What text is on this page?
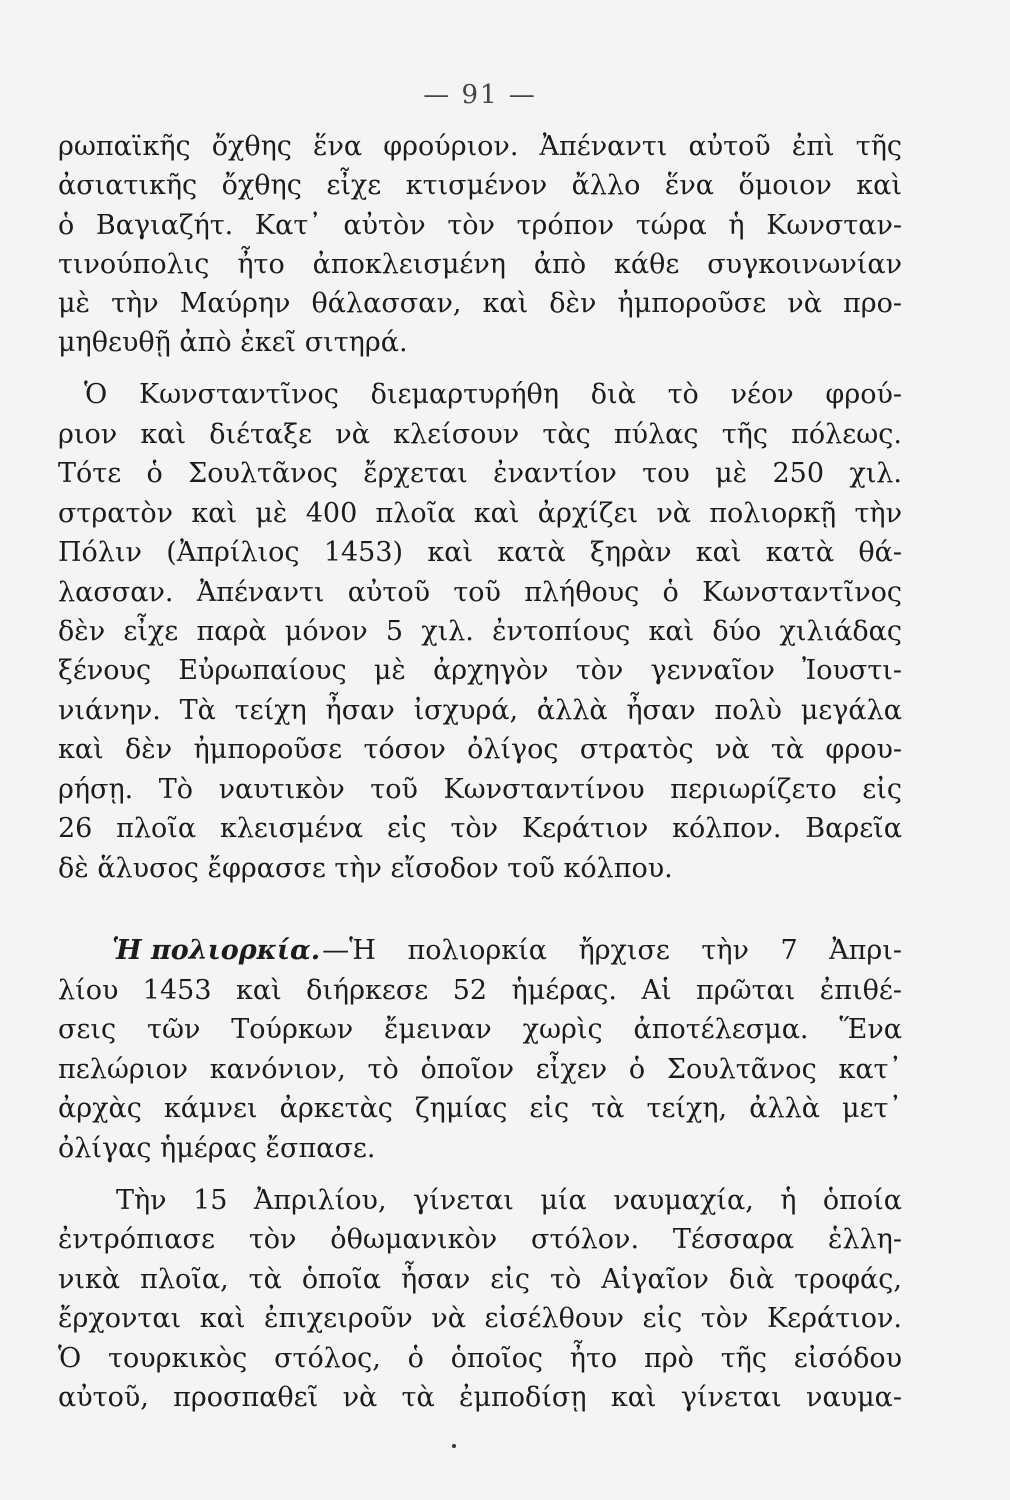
— 91 —
ρωπαϊκῆς ὄχθης ἕνα φρούριον. Ἀπέναντι αὐτοῦ ἐπὶ τῆς
ἀσιατικῆς ὄχθης εἶχε κτισμένον ἄλλο ἕνα ὅμοιον καὶ
ὁ Βαγιαζήτ. Κατ᾽ αὐτὸν τὸν τρόπον τώρα ἡ Κωνσταν-
τινούπολις ἦτο ἀποκλεισμένη ἀπὸ κάθε συγκοινωνίαν
μὲ τὴν Μαύρην θάλασσαν, καὶ δὲν ἠμποροῦσε νὰ προ-
μηθευθῇ ἀπὸ ἐκεῖ σιτηρά.
Ὁ Κωνσταντῖνος διεμαρτυρήθη διὰ τὸ νέον φρού-
ριον καὶ διέταξε νὰ κλείσουν τὰς πύλας τῆς πόλεως.
Τότε ὁ Σουλτᾶνος ἔρχεται ἐναντίον του μὲ 250 χιλ.
στρατὸν καὶ μὲ 400 πλοῖα καὶ ἀρχίζει νὰ πολιορκῇ τὴν
Πόλιν (Ἀπρίλιος 1453) καὶ κατὰ ξηρὰν καὶ κατὰ θά-
λασσαν. Ἀπέναντι αὐτοῦ τοῦ πλήθους ὁ Κωνσταντῖνος
δὲν εἶχε παρὰ μόνον 5 χιλ. ἐντοπίους καὶ δύο χιλιάδας
ξένους Εὐρωπαίους μὲ ἀρχηγὸν τὸν γενναῖον Ἰουστι-
νιάνην. Τὰ τείχη ἦσαν ἰσχυρά, ἀλλὰ ἦσαν πολὺ μεγάλα
καὶ δὲν ἠμποροῦσε τόσον ὀλίγος στρατὸς νὰ τὰ φρου-
ρήσῃ. Τὸ ναυτικὸν τοῦ Κωνσταντίνου περιωρίζετο εἰς
26 πλοῖα κλεισμένα εἰς τὸν Κεράτιον κόλπον. Βαρεῖα
δὲ ἅλυσος ἔφρασσε τὴν εἴσοδον τοῦ κόλπου.
Ἡ πολιορκία. —Ἡ πολιορκία ἤρχισε τὴν 7 Ἀπρι-
λίου 1453 καὶ διήρκεσε 52 ἡμέρας. Αἱ πρῶται ἐπιθέ-
σεις τῶν Τούρκων ἔμειναν χωρὶς ἀποτέλεσμα. Ἕνα
πελώριον κανόνιον, τὸ ὁποῖον εἶχεν ὁ Σουλτᾶνος κατ᾽
ἀρχὰς κάμνει ἀρκετὰς ζημίας εἰς τὰ τείχη, ἀλλὰ μετ᾽
ὀλίγας ἡμέρας ἔσπασε.
Τὴν 15 Ἀπριλίου, γίνεται μία ναυμαχία, ἡ ὁποία
ἐντρόπιασε τὸν ὀθωμανικὸν στόλον. Τέσσαρα ἑλλη-
νικὰ πλοῖα, τὰ ὁποῖα ἦσαν εἰς τὸ Αἰγαῖον διὰ τροφάς,
ἔρχονται καὶ ἐπιχειροῦν νὰ εἰσέλθουν εἰς τὸν Κεράτιον.
Ὁ τουρκικὸς στόλος, ὁ ὁποῖος ἦτο πρὸ τῆς εἰσόδου
αὐτοῦ, προσπαθεῖ νὰ τὰ ἐμποδίσῃ καὶ γίνεται ναυμα-
